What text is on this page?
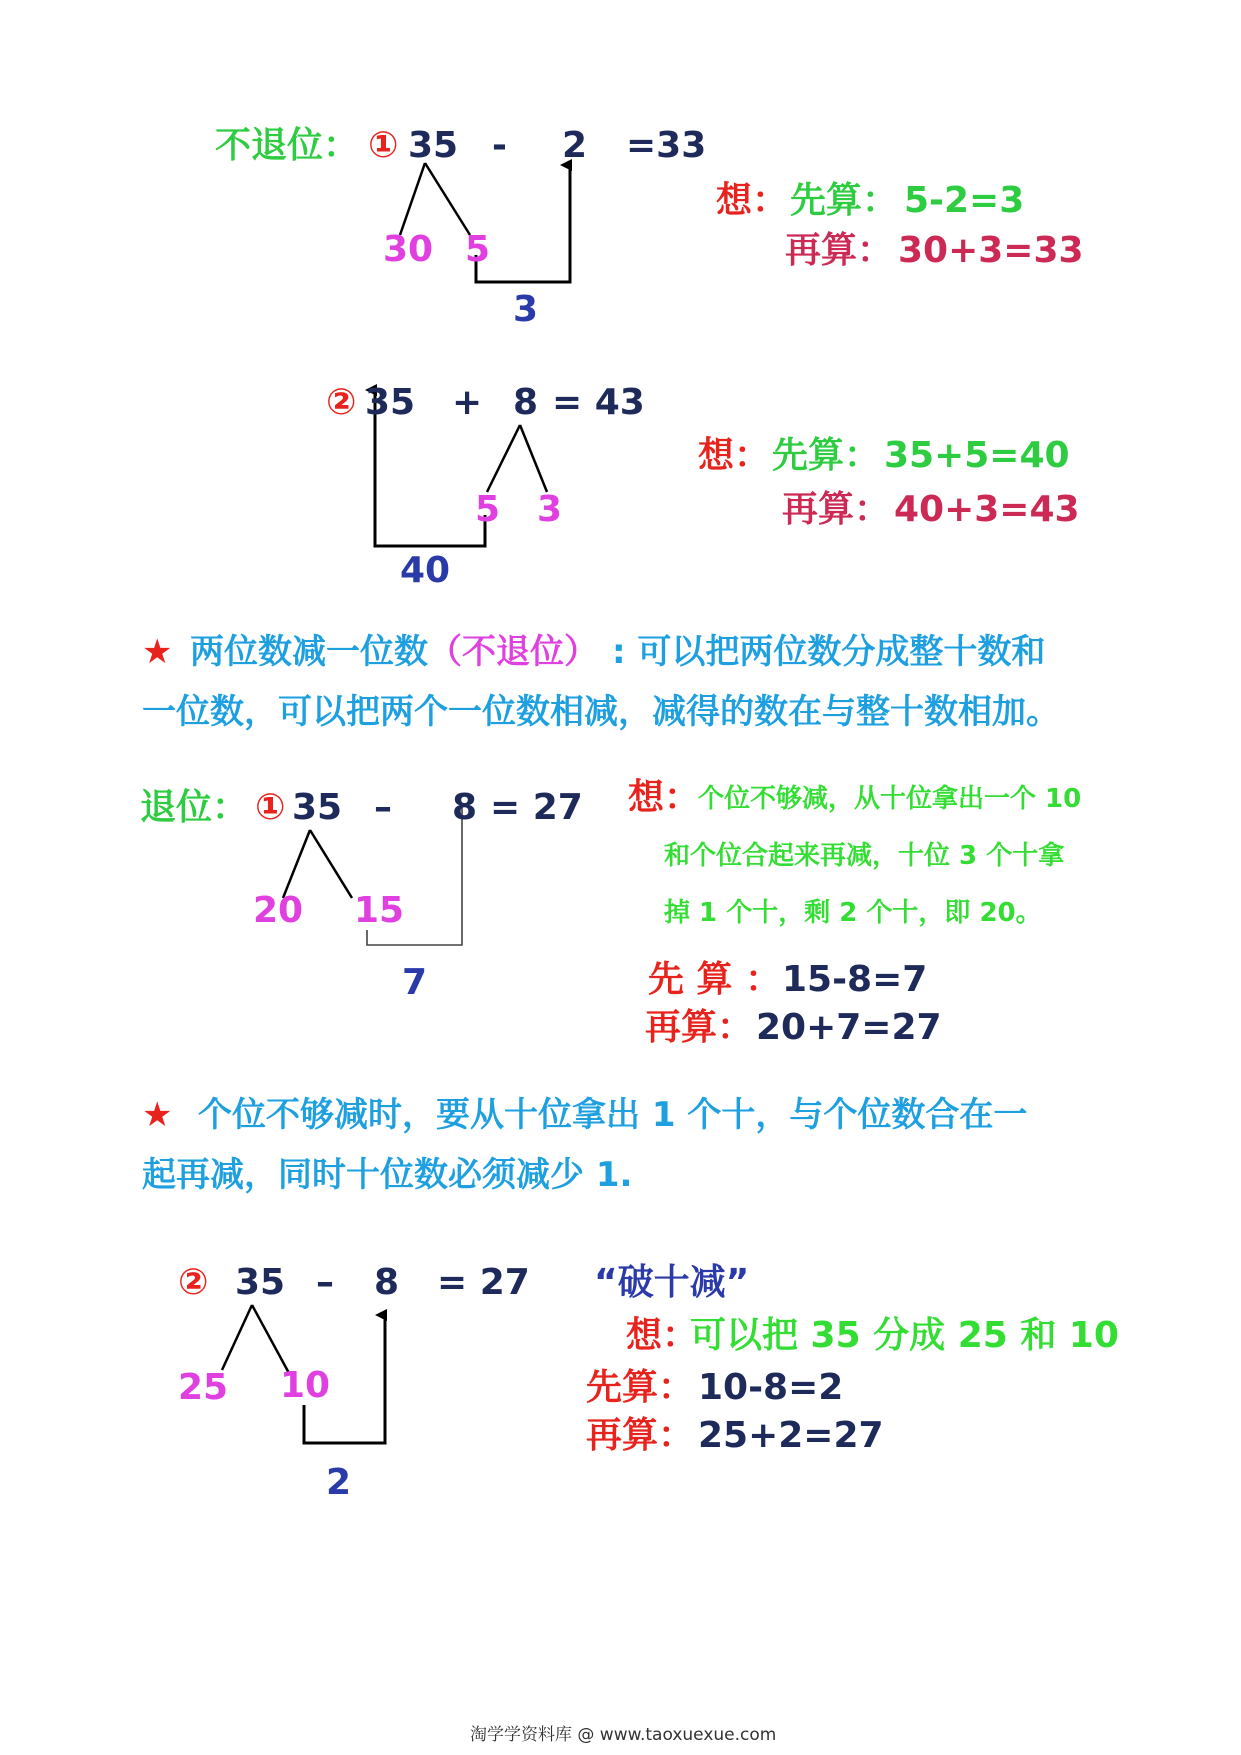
不退位： ① 35 - 2 =33
30 5
3
想： 先算： 5-2=3
再算： 30+3=33
② 35 + 8 = 43
5 3
40
想： 先算： 35+5=40
再算： 40+3=43
★ 两位数减一位数 （不退位） : 可以把两位数分成整十数和
一位数，可以把两个一位数相减，减得的数在与整十数相加。
退位： ① 35 – 8 = 27
20 15
7
想：
个位不够减，从十位拿出一个 10
和个位合起来再减，十位 3 个十拿
掉 1 个十，剩 2 个十，即 20。
先 算 ： 15-8=7
再算： 20+7=27
★ 个位不够减时，要从十位拿出 1 个十，与个位数合在一
起再减，同时十位数必须减少 1.
② 35 – 8 = 27 “破十减”
25 10
2
想：
可以把 35 分成 25 和 10
先算： 10-8=2
再算： 25+2=27
淘学学资料库 @ www.taoxuexue.com
